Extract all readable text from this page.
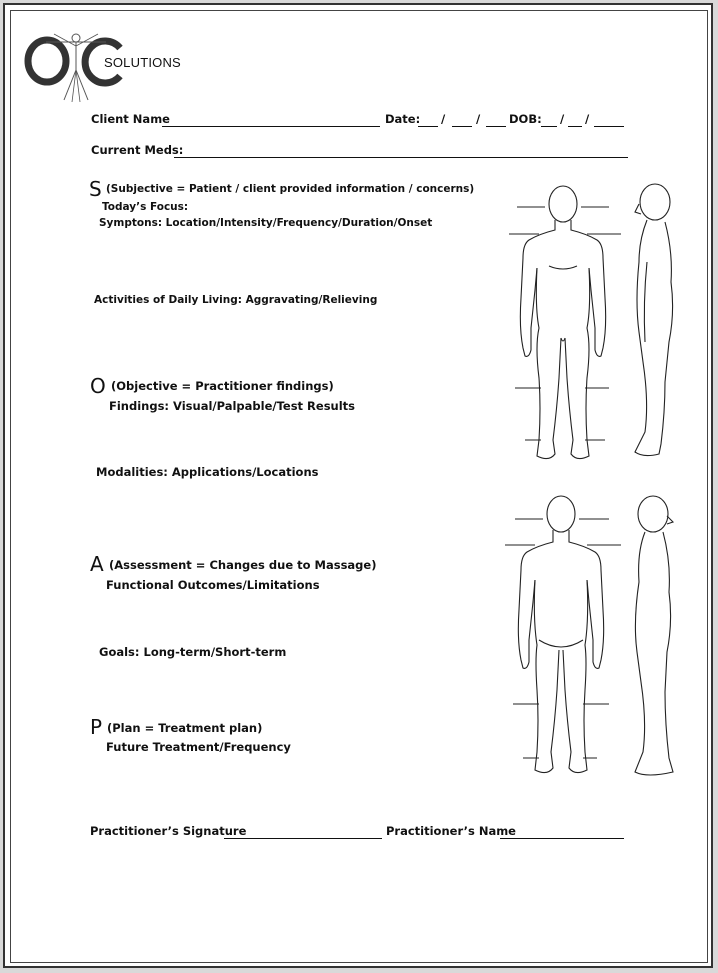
SOLUTIONS
Client Name	Date: /	/	DOB: / /
Current Meds:
S (Subjective = Patient / client provided information / concerns)
Today’s Focus:
Symptons: Location/Intensity/Frequency/Duration/Onset
Activities of Daily Living: Aggravating/Relieving
O (Objective = Practitioner findings)
Findings: Visual/Palpable/Test Results
Modalities: Applications/Locations
A (Assessment = Changes due to Massage)
Functional Outcomes/Limitations
Goals: Long-term/Short-term
P (Plan = Treatment plan)
Future Treatment/Frequency
Practitioner’s Signature	Practitioner’s Name
